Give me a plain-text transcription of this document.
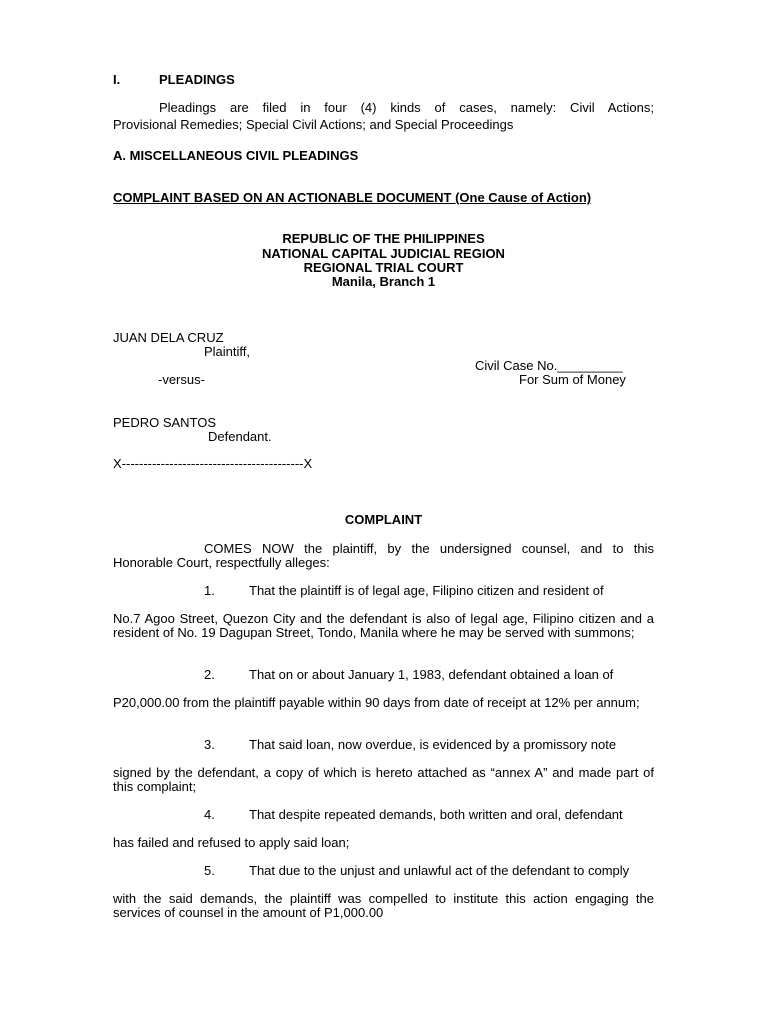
I.	PLEADINGS
Pleadings are filed in four (4) kinds of cases, namely: Civil Actions;
Provisional Remedies; Special Civil Actions; and Special Proceedings
A. MISCELLANEOUS CIVIL PLEADINGS
COMPLAINT BASED ON AN ACTIONABLE DOCUMENT (One Cause of Action)
REPUBLIC OF THE PHILIPPINES
NATIONAL CAPITAL JUDICIAL REGION
REGIONAL TRIAL COURT
Manila, Branch 1
JUAN DELA CRUZ
Plaintiff,
Civil Case No._________
-versus-	For Sum of Money
PEDRO SANTOS
Defendant.
X------------------------------------------X
COMPLAINT
COMES NOW the plaintiff, by the undersigned counsel, and to this
Honorable Court, respectfully alleges:
1.	That the plaintiff is of legal age, Filipino citizen and resident of
No.7 Agoo Street, Quezon City and the defendant is also of legal age, Filipino citizen and a resident of No. 19 Dagupan Street, Tondo, Manila where he may be served with summons;
2.	That on or about January 1, 1983, defendant obtained a loan of
P20,000.00 from the plaintiff payable within 90 days from date of receipt at 12% per annum;
3.	That said loan, now overdue, is evidenced by a promissory note
signed by the defendant, a copy of which is hereto attached as “annex A” and made part of this complaint;
4.	That despite repeated demands, both written and oral, defendant
has failed and refused to apply said loan;
5.	That due to the unjust and unlawful act of the defendant to comply
with the said demands, the plaintiff was compelled to institute this action engaging the services of counsel in the amount of P1,000.00
